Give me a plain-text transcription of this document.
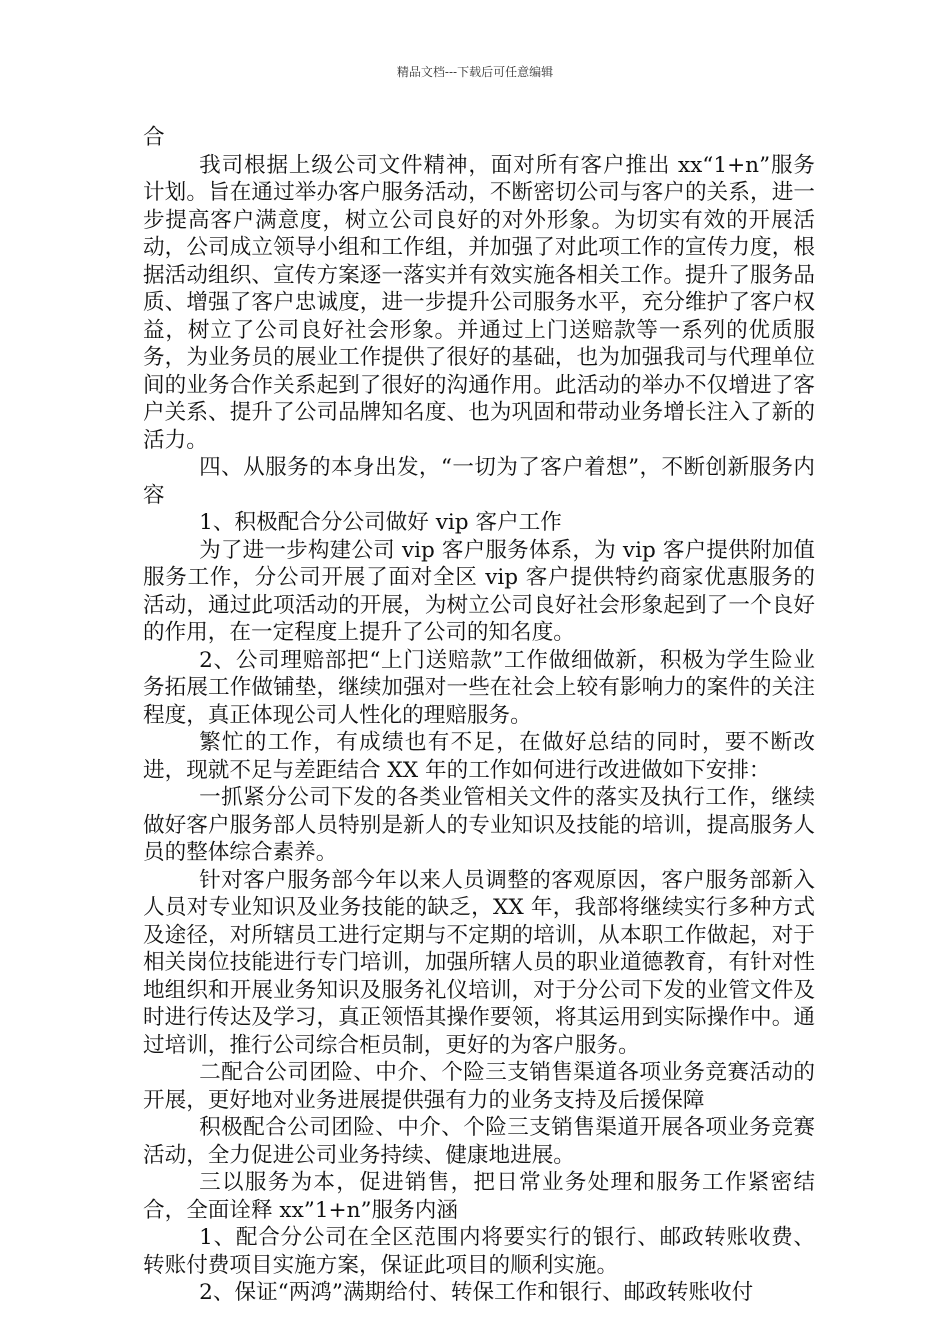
精品文档---下载后可任意编辑

合

我司根据上级公司文件精神，面对所有客户推出 xx“1+n”服务计划。旨在通过举办客户服务活动，不断密切公司与客户的关系，进一步提高客户满意度，树立公司良好的对外形象。为切实有效的开展活动，公司成立领导小组和工作组，并加强了对此项工作的宣传力度，根据活动组织、宣传方案逐一落实并有效实施各相关工作。提升了服务品质、增强了客户忠诚度，进一步提升公司服务水平，充分维护了客户权益，树立了公司良好社会形象。并通过上门送赔款等一系列的优质服务，为业务员的展业工作提供了很好的基础，也为加强我司与代理单位间的业务合作关系起到了很好的沟通作用。此活动的举办不仅增进了客户关系、提升了公司品牌知名度、也为巩固和带动业务增长注入了新的活力。

四、从服务的本身出发，“一切为了客户着想”，不断创新服务内容

1、积极配合分公司做好 vip 客户工作

为了进一步构建公司 vip 客户服务体系，为 vip 客户提供附加值服务工作，分公司开展了面对全区 vip 客户提供特约商家优惠服务的活动，通过此项活动的开展，为树立公司良好社会形象起到了一个良好的作用，在一定程度上提升了公司的知名度。

2、公司理赔部把“上门送赔款”工作做细做新，积极为学生险业务拓展工作做铺垫，继续加强对一些在社会上较有影响力的案件的关注程度，真正体现公司人性化的理赔服务。

繁忙的工作，有成绩也有不足，在做好总结的同时，要不断改进，现就不足与差距结合 XX 年的工作如何进行改进做如下安排：

一抓紧分公司下发的各类业管相关文件的落实及执行工作，继续做好客户服务部人员特别是新人的专业知识及技能的培训，提高服务人员的整体综合素养。

针对客户服务部今年以来人员调整的客观原因，客户服务部新入人员对专业知识及业务技能的缺乏，XX 年，我部将继续实行多种方式及途径，对所辖员工进行定期与不定期的培训，从本职工作做起，对于相关岗位技能进行专门培训，加强所辖人员的职业道德教育，有针对性地组织和开展业务知识及服务礼仪培训，对于分公司下发的业管文件及时进行传达及学习，真正领悟其操作要领，将其运用到实际操作中。通过培训，推行公司综合柜员制，更好的为客户服务。

二配合公司团险、中介、个险三支销售渠道各项业务竞赛活动的开展，更好地对业务进展提供强有力的业务支持及后援保障

积极配合公司团险、中介、个险三支销售渠道开展各项业务竞赛活动，全力促进公司业务持续、健康地进展。

三以服务为本，促进销售，把日常业务处理和服务工作紧密结合，全面诠释 xx”1+n”服务内涵

1、配合分公司在全区范围内将要实行的银行、邮政转账收费、转账付费项目实施方案，保证此项目的顺利实施。

2、保证“两鸿”满期给付、转保工作和银行、邮政转账收付
